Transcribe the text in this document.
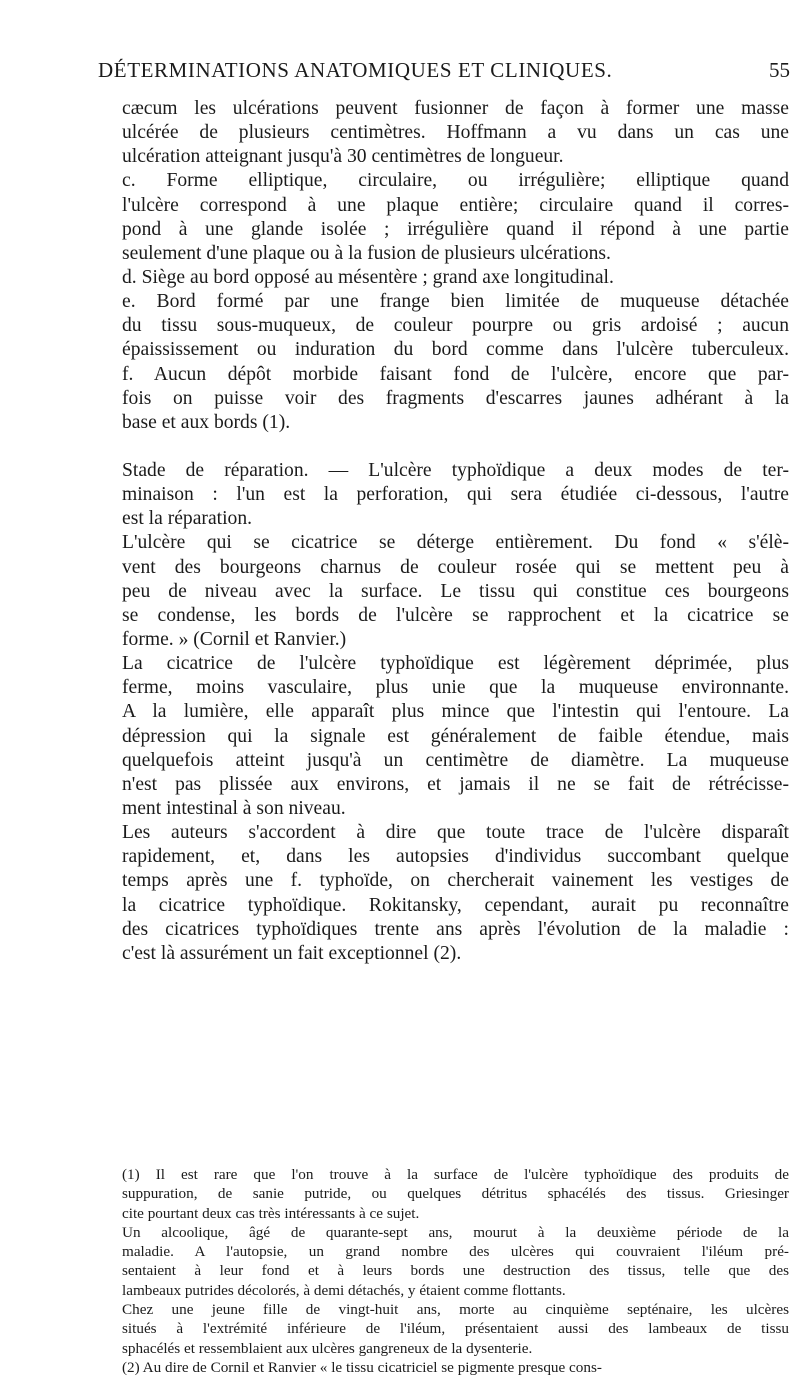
DÉTERMINATIONS ANATOMIQUES ET CLINIQUES.	55
cæcum les ulcérations peuvent fusionner de façon à former une masse
ulcérée de plusieurs centimètres. Hoffmann a vu dans un cas une
ulcération atteignant jusqu'à 30 centimètres de longueur.
c. Forme elliptique, circulaire, ou irrégulière; elliptique quand
l'ulcère correspond à une plaque entière; circulaire quand il corres-
pond à une glande isolée ; irrégulière quand il répond à une partie
seulement d'une plaque ou à la fusion de plusieurs ulcérations.
d. Siège au bord opposé au mésentère ; grand axe longitudinal.
e. Bord formé par une frange bien limitée de muqueuse détachée
du tissu sous-muqueux, de couleur pourpre ou gris ardoisé ; aucun
épaississement ou induration du bord comme dans l'ulcère tuberculeux.
f. Aucun dépôt morbide faisant fond de l'ulcère, encore que par-
fois on puisse voir des fragments d'escarres jaunes adhérant à la
base et aux bords (1).
Stade de réparation. — L'ulcère typhoïdique a deux modes de ter-
minaison : l'un est la perforation, qui sera étudiée ci-dessous, l'autre
est la réparation.
L'ulcère qui se cicatrice se déterge entièrement. Du fond « s'élè-
vent des bourgeons charnus de couleur rosée qui se mettent peu à
peu de niveau avec la surface. Le tissu qui constitue ces bourgeons
se condense, les bords de l'ulcère se rapprochent et la cicatrice se
forme. » (Cornil et Ranvier.)
La cicatrice de l'ulcère typhoïdique est légèrement déprimée, plus
ferme, moins vasculaire, plus unie que la muqueuse environnante.
A la lumière, elle apparaît plus mince que l'intestin qui l'entoure. La
dépression qui la signale est généralement de faible étendue, mais
quelquefois atteint jusqu'à un centimètre de diamètre. La muqueuse
n'est pas plissée aux environs, et jamais il ne se fait de rétrécisse-
ment intestinal à son niveau.
Les auteurs s'accordent à dire que toute trace de l'ulcère disparaît
rapidement, et, dans les autopsies d'individus succombant quelque
temps après une f. typhoïde, on chercherait vainement les vestiges de
la cicatrice typhoïdique. Rokitansky, cependant, aurait pu reconnaître
des cicatrices typhoïdiques trente ans après l'évolution de la maladie :
c'est là assurément un fait exceptionnel (2).
(1) Il est rare que l'on trouve à la surface de l'ulcère typhoïdique des produits de
suppuration, de sanie putride, ou quelques détritus sphacélés des tissus. Griesinger
cite pourtant deux cas très intéressants à ce sujet.
Un alcoolique, âgé de quarante-sept ans, mourut à la deuxième période de la
maladie. A l'autopsie, un grand nombre des ulcères qui couvraient l'iléum pré-
sentaient à leur fond et à leurs bords une destruction des tissus, telle que des
lambeaux putrides décolorés, à demi détachés, y étaient comme flottants.
Chez une jeune fille de vingt-huit ans, morte au cinquième septénaire, les ulcères
situés à l'extrémité inférieure de l'iléum, présentaient aussi des lambeaux de tissu
sphacélés et ressemblaient aux ulcères gangreneux de la dysenterie.
(2) Au dire de Cornil et Ranvier « le tissu cicatriciel se pigmente presque cons-
